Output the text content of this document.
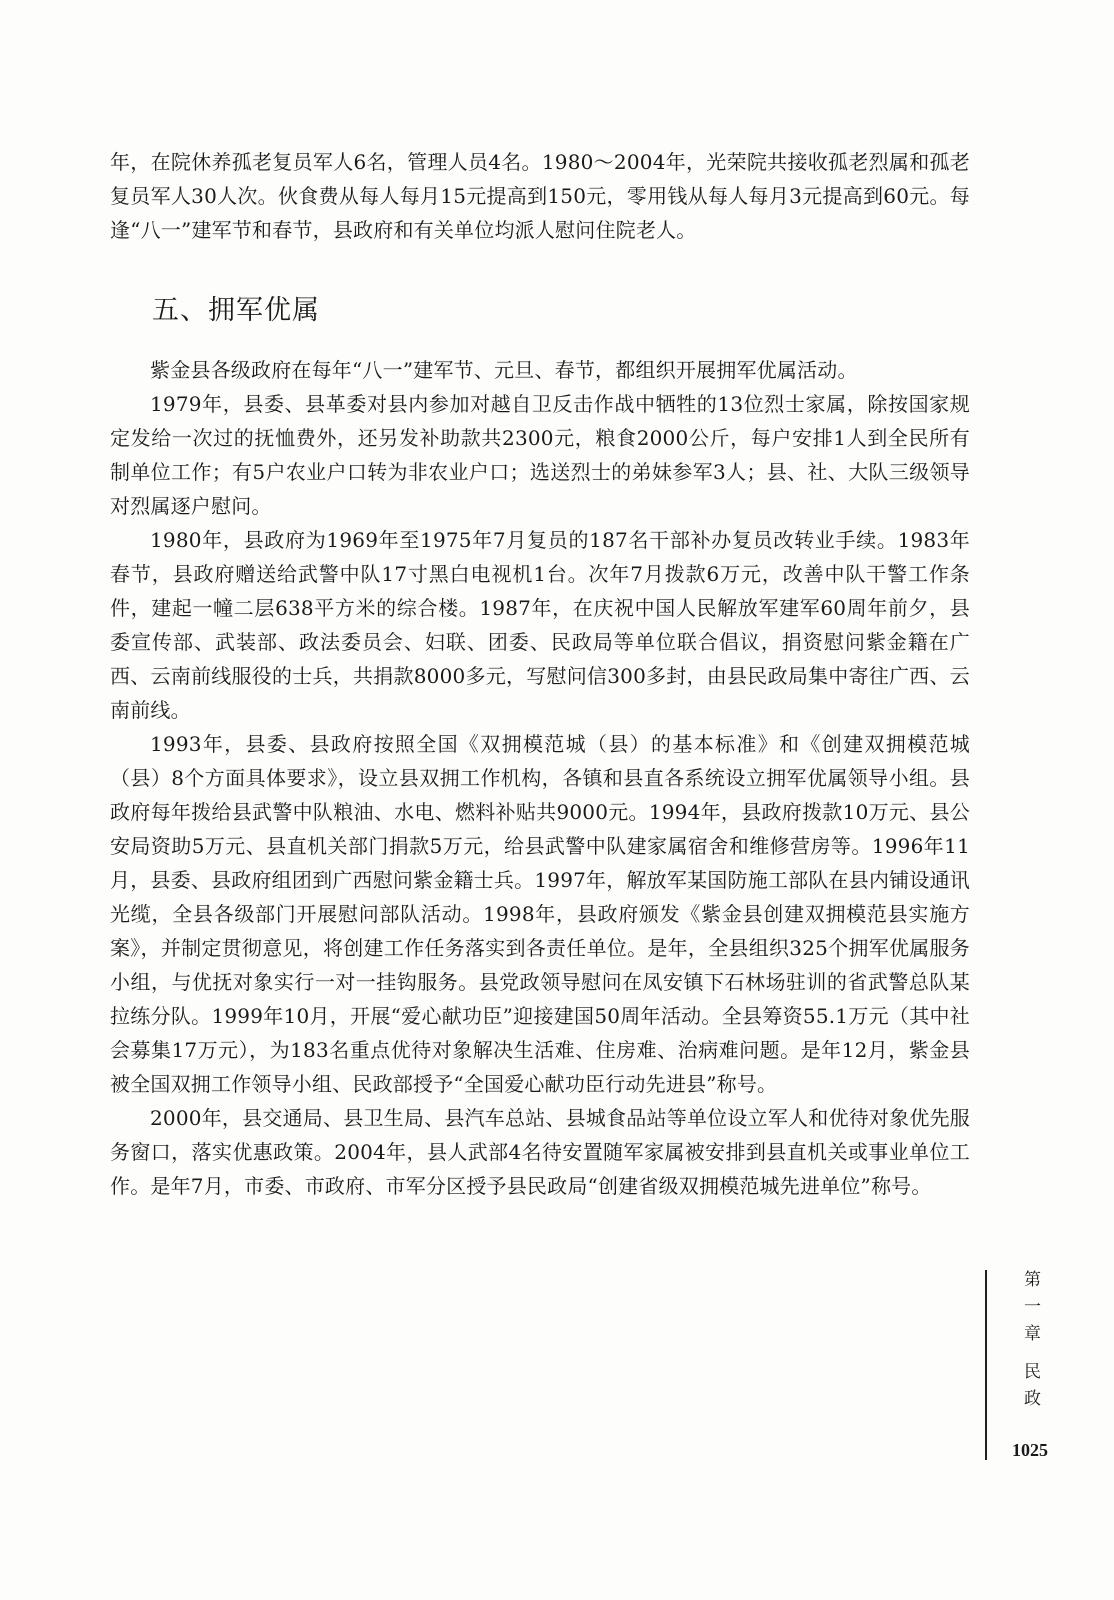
年，在院休养孤老复员军人6名，管理人员4名。1980～2004年，光荣院共接收孤老烈属和孤老复员军人30人次。伙食费从每人每月15元提高到150元，零用钱从每人每月3元提高到60元。每逢“八一”建军节和春节，县政府和有关单位均派人慰问住院老人。

五、拥军优属

紫金县各级政府在每年“八一”建军节、元旦、春节，都组织开展拥军优属活动。

1979年，县委、县革委对县内参加对越自卫反击作战中牺牲的13位烈士家属，除按国家规定发给一次过的抚恤费外，还另发补助款共2300元，粮食2000公斤，每户安排1人到全民所有制单位工作；有5户农业户口转为非农业户口；选送烈士的弟妹参军3人；县、社、大队三级领导对烈属逐户慰问。

1980年，县政府为1969年至1975年7月复员的187名干部补办复员改转业手续。1983年春节，县政府赠送给武警中队17寸黑白电视机1台。次年7月拨款6万元，改善中队干警工作条件，建起一幢二层638平方米的综合楼。1987年，在庆祝中国人民解放军建军60周年前夕，县委宣传部、武装部、政法委员会、妇联、团委、民政局等单位联合倡议，捐资慰问紫金籍在广西、云南前线服役的士兵，共捐款8000多元，写慰问信300多封，由县民政局集中寄往广西、云南前线。

1993年，县委、县政府按照全国《双拥模范城（县）的基本标准》和《创建双拥模范城（县）8个方面具体要求》，设立县双拥工作机构，各镇和县直各系统设立拥军优属领导小组。县政府每年拨给县武警中队粮油、水电、燃料补贴共9000元。1994年，县政府拨款10万元、县公安局资助5万元、县直机关部门捐款5万元，给县武警中队建家属宿舍和维修营房等。1996年11月，县委、县政府组团到广西慰问紫金籍士兵。1997年，解放军某国防施工部队在县内铺设通讯光缆，全县各级部门开展慰问部队活动。1998年，县政府颁发《紫金县创建双拥模范县实施方案》，并制定贯彻意见，将创建工作任务落实到各责任单位。是年，全县组织325个拥军优属服务小组，与优抚对象实行一对一挂钩服务。县党政领导慰问在凤安镇下石林场驻训的省武警总队某拉练分队。1999年10月，开展“爱心献功臣”迎接建国50周年活动。全县筹资55.1万元（其中社会募集17万元），为183名重点优待对象解决生活难、住房难、治病难问题。是年12月，紫金县被全国双拥工作领导小组、民政部授予“全国爱心献功臣行动先进县”称号。

2000年，县交通局、县卫生局、县汽车总站、县城食品站等单位设立军人和优待对象优先服务窗口，落实优惠政策。2004年，县人武部4名待安置随军家属被安排到县直机关或事业单位工作。是年7月，市委、市政府、市军分区授予县民政局“创建省级双拥模范城先进单位”称号。

第一章
民政
1025
